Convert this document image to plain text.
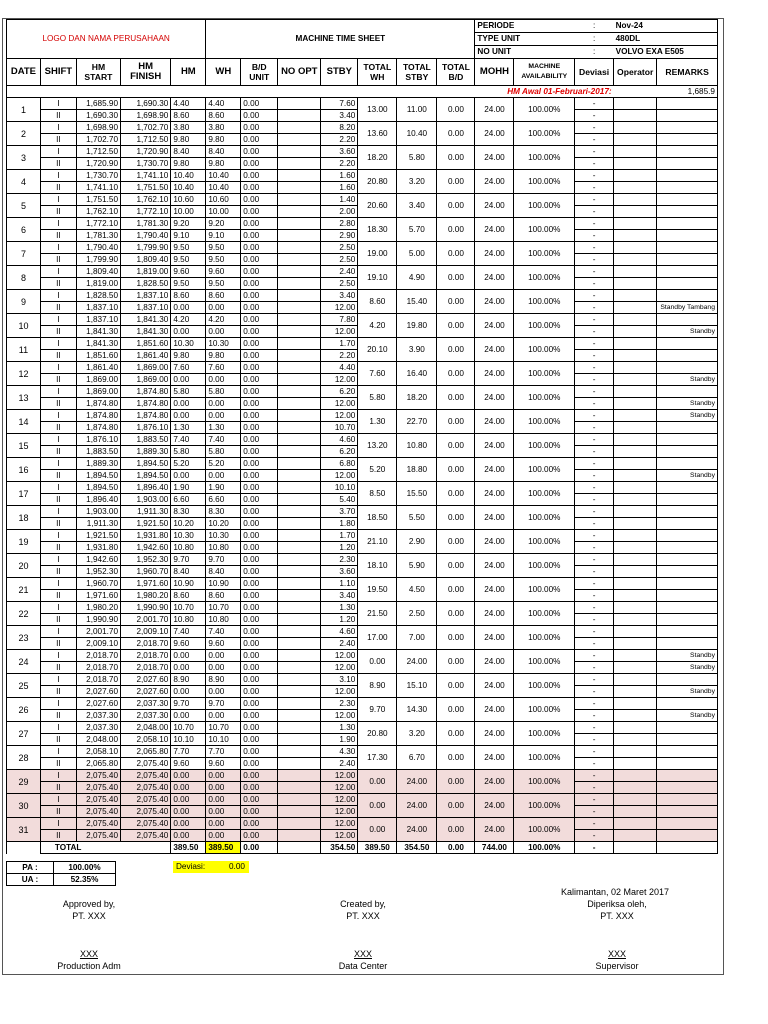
LOGO DAN NAMA PERUSAHAAN					MACHINE TIME SHEET							PERIODE		:	Nov-24	
												TYPE UNIT		:	480DL	
												NO UNIT		:	VOLVO EXA E505	
DATE	SHIFT	HM START	HM FINISH	HM	WH	B/D UNIT	NO OPT	STBY	TOTAL WH	TOTAL STBY	TOTAL B/D	MOHH	MACHINE AVAILABILITY	Deviasi	Operator	REMARKS
									HM Awal 01-Februari-2017:						1,685.9	
1	I	1,685.90	1,690.30	4.40	4.40	0.00		7.60	13.00	11.00	0.00	24.00	100.00%	-		
	II	1,690.30	1,698.90	8.60	8.60	0.00		3.40						-		
2	I	1,698.90	1,702.70	3.80	3.80	0.00		8.20	13.60	10.40	0.00	24.00	100.00%	-		
	II	1,702.70	1,712.50	9.80	9.80	0.00		2.20						-		
3	I	1,712.50	1,720.90	8.40	8.40	0.00		3.60	18.20	5.80	0.00	24.00	100.00%	-		
	II	1,720.90	1,730.70	9.80	9.80	0.00		2.20						-		
4	I	1,730.70	1,741.10	10.40	10.40	0.00		1.60	20.80	3.20	0.00	24.00	100.00%	-		
	II	1,741.10	1,751.50	10.40	10.40	0.00		1.60						-		
5	I	1,751.50	1,762.10	10.60	10.60	0.00		1.40	20.60	3.40	0.00	24.00	100.00%	-		
	II	1,762.10	1,772.10	10.00	10.00	0.00		2.00						-		
6	I	1,772.10	1,781.30	9.20	9.20	0.00		2.80	18.30	5.70	0.00	24.00	100.00%	-		
	II	1,781.30	1,790.40	9.10	9.10	0.00		2.90						-		
7	I	1,790.40	1,799.90	9.50	9.50	0.00		2.50	19.00	5.00	0.00	24.00	100.00%	-		
	II	1,799.90	1,809.40	9.50	9.50	0.00		2.50						-		
8	I	1,809.40	1,819.00	9.60	9.60	0.00		2.40	19.10	4.90	0.00	24.00	100.00%	-		
	II	1,819.00	1,828.50	9.50	9.50	0.00		2.50						-		
9	I	1,828.50	1,837.10	8.60	8.60	0.00		3.40	8.60	15.40	0.00	24.00	100.00%	-		
	II	1,837.10	1,837.10	0.00	0.00	0.00		12.00						-		Standby Tambang
10	I	1,837.10	1,841.30	4.20	4.20	0.00		7.80	4.20	19.80	0.00	24.00	100.00%	-		
	II	1,841.30	1,841.30	0.00	0.00	0.00		12.00						-		Standby
11	I	1,841.30	1,851.60	10.30	10.30	0.00		1.70	20.10	3.90	0.00	24.00	100.00%	-		
	II	1,851.60	1,861.40	9.80	9.80	0.00		2.20						-		
12	I	1,861.40	1,869.00	7.60	7.60	0.00		4.40	7.60	16.40	0.00	24.00	100.00%	-		
	II	1,869.00	1,869.00	0.00	0.00	0.00		12.00						-		Standby
13	I	1,869.00	1,874.80	5.80	5.80	0.00		6.20	5.80	18.20	0.00	24.00	100.00%	-		
	II	1,874.80	1,874.80	0.00	0.00	0.00		12.00						-		Standby
14	I	1,874.80	1,874.80	0.00	0.00	0.00		12.00	1.30	22.70	0.00	24.00	100.00%	-		Standby
	II	1,874.80	1,876.10	1.30	1.30	0.00		10.70						-		
15	I	1,876.10	1,883.50	7.40	7.40	0.00		4.60	13.20	10.80	0.00	24.00	100.00%	-		
	II	1,883.50	1,889.30	5.80	5.80	0.00		6.20						-		
16	I	1,889.30	1,894.50	5.20	5.20	0.00		6.80	5.20	18.80	0.00	24.00	100.00%	-		
	II	1,894.50	1,894.50	0.00	0.00	0.00		12.00						-		Standby
17	I	1,894.50	1,896.40	1.90	1.90	0.00		10.10	8.50	15.50	0.00	24.00	100.00%	-		
	II	1,896.40	1,903.00	6.60	6.60	0.00		5.40						-		
18	I	1,903.00	1,911.30	8.30	8.30	0.00		3.70	18.50	5.50	0.00	24.00	100.00%	-		
	II	1,911.30	1,921.50	10.20	10.20	0.00		1.80						-		
19	I	1,921.50	1,931.80	10.30	10.30	0.00		1.70	21.10	2.90	0.00	24.00	100.00%	-		
	II	1,931.80	1,942.60	10.80	10.80	0.00		1.20						-		
20	I	1,942.60	1,952.30	9.70	9.70	0.00		2.30	18.10	5.90	0.00	24.00	100.00%	-		
	II	1,952.30	1,960.70	8.40	8.40	0.00		3.60						-		
21	I	1,960.70	1,971.60	10.90	10.90	0.00		1.10	19.50	4.50	0.00	24.00	100.00%	-		
	II	1,971.60	1,980.20	8.60	8.60	0.00		3.40						-		
22	I	1,980.20	1,990.90	10.70	10.70	0.00		1.30	21.50	2.50	0.00	24.00	100.00%	-		
	II	1,990.90	2,001.70	10.80	10.80	0.00		1.20						-		
23	I	2,001.70	2,009.10	7.40	7.40	0.00		4.60	17.00	7.00	0.00	24.00	100.00%	-		
	II	2,009.10	2,018.70	9.60	9.60	0.00		2.40						-		
24	I	2,018.70	2,018.70	0.00	0.00	0.00		12.00	0.00	24.00	0.00	24.00	100.00%	-		Standby
	II	2,018.70	2,018.70	0.00	0.00	0.00		12.00						-		Standby
25	I	2,018.70	2,027.60	8.90	8.90	0.00		3.10	8.90	15.10	0.00	24.00	100.00%	-		
	II	2,027.60	2,027.60	0.00	0.00	0.00		12.00						-		Standby
26	I	2,027.60	2,037.30	9.70	9.70	0.00		2.30	9.70	14.30	0.00	24.00	100.00%	-		
	II	2,037.30	2,037.30	0.00	0.00	0.00		12.00						-		Standby
27	I	2,037.30	2,048.00	10.70	10.70	0.00		1.30	20.80	3.20	0.00	24.00	100.00%	-		
	II	2,048.00	2,058.10	10.10	10.10	0.00		1.90						-		
28	I	2,058.10	2,065.80	7.70	7.70	0.00		4.30	17.30	6.70	0.00	24.00	100.00%	-		
	II	2,065.80	2,075.40	9.60	9.60	0.00		2.40						-		
29	I	2,075.40	2,075.40	0.00	0.00	0.00		12.00	0.00	24.00	0.00	24.00	100.00%	-		
	II	2,075.40	2,075.40	0.00	0.00	0.00		12.00						-		
30	I	2,075.40	2,075.40	0.00	0.00	0.00		12.00	0.00	24.00	0.00	24.00	100.00%	-		
	II	2,075.40	2,075.40	0.00	0.00	0.00		12.00						-		
31	I	2,075.40	2,075.40	0.00	0.00	0.00		12.00	0.00	24.00	0.00	24.00	100.00%	-		
	II	2,075.40	2,075.40	0.00	0.00	0.00		12.00						-		
	TOTAL			389.50	389.50	0.00		354.50	389.50	354.50	0.00	744.00	100.00%	-		
PA :	100.00%
UA :	52.35%
Deviasi:	0.00
Kalimantan, 02 Maret 2017
Approved by,
PT. XXX
XXX
Production Adm
Created by,
PT. XXX
XXX
Data Center
Diperiksa oleh,
PT. XXX
XXX
Supervisor
